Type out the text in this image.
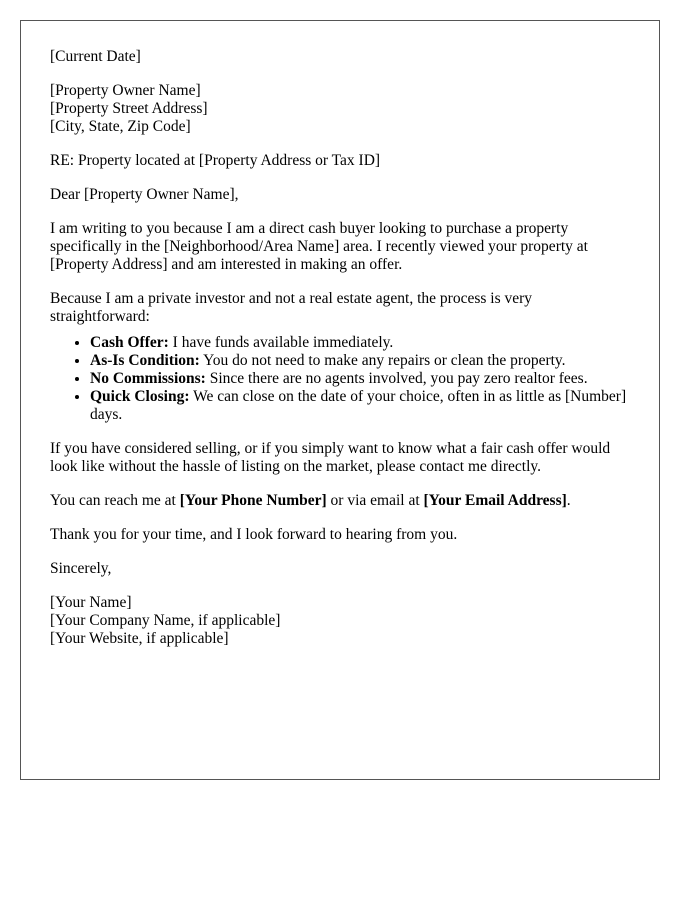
[Current Date]
[Property Owner Name]
[Property Street Address]
[City, State, Zip Code]

RE: Property located at [Property Address or Tax ID]

Dear [Property Owner Name],

I am writing to you because I am a direct cash buyer looking to purchase a property specifically in the [Neighborhood/Area Name] area. I recently viewed your property at [Property Address] and am interested in making an offer.

Because I am a private investor and not a real estate agent, the process is very straightforward:

• Cash Offer: I have funds available immediately.
• As-Is Condition: You do not need to make any repairs or clean the property.
• No Commissions: Since there are no agents involved, you pay zero realtor fees.
• Quick Closing: We can close on the date of your choice, often in as little as [Number] days.

If you have considered selling, or if you simply want to know what a fair cash offer would look like without the hassle of listing on the market, please contact me directly.

You can reach me at [Your Phone Number] or via email at [Your Email Address].

Thank you for your time, and I look forward to hearing from you.

Sincerely,

[Your Name]
[Your Company Name, if applicable]
[Your Website, if applicable]
